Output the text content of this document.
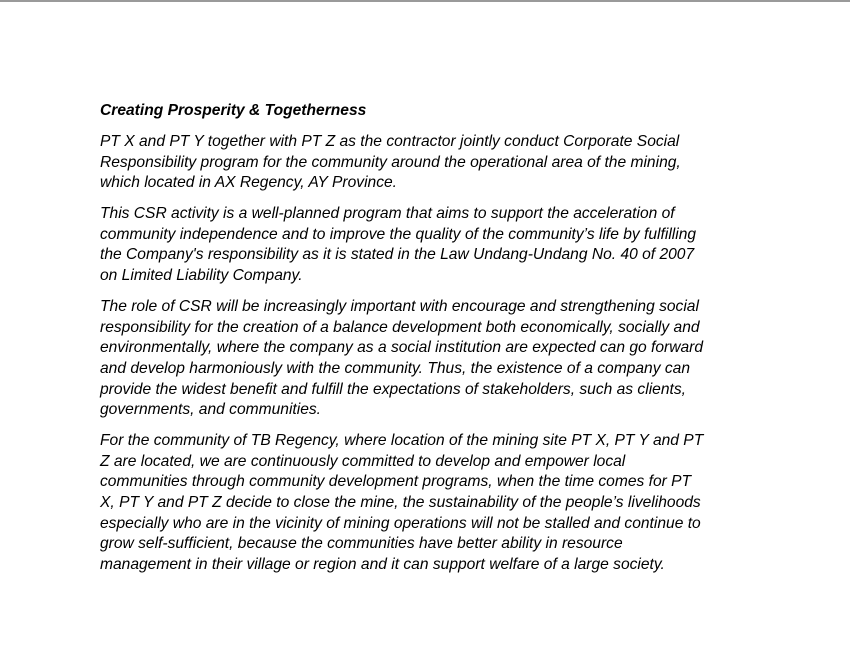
Creating Prosperity & Togetherness

PT X and PT Y together with PT Z as the contractor jointly conduct Corporate Social
Responsibility program for the community around the operational area of the mining,
which located in AX Regency, AY Province.

This CSR activity is a well-planned program that aims to support the acceleration of
community independence and to improve the quality of the community’s life by fulfilling
the Company's responsibility as it is stated in the Law Undang-Undang No. 40 of 2007
on Limited Liability Company.

The role of CSR will be increasingly important with encourage and strengthening social
responsibility for the creation of a balance development both economically, socially and
environmentally, where the company as a social institution are expected can go forward
and develop harmoniously with the community. Thus, the existence of a company can
provide the widest benefit and fulfill the expectations of stakeholders, such as clients,
governments, and communities.

For the community of TB Regency, where location of the mining site PT X, PT Y and PT
Z are located, we are continuously committed to develop and empower local
communities through community development programs, when the time comes for PT
X, PT Y and PT Z decide to close the mine, the sustainability of the people’s livelihoods
especially who are in the vicinity of mining operations will not be stalled and continue to
grow self-sufficient, because the communities have better ability in resource
management in their village or region and it can support welfare of a large society.
